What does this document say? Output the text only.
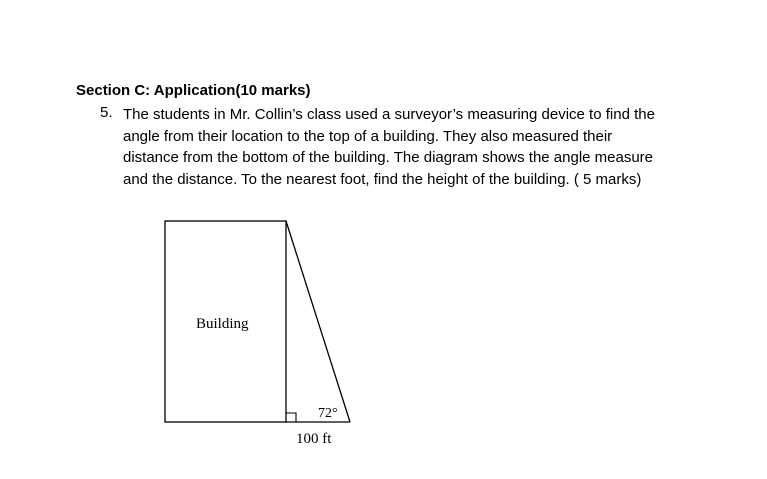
Section C: Application(10 marks)
5. The students in Mr. Collin’s class used a surveyor’s measuring device to find the
angle from their location to the top of a building. They also measured their
distance from the bottom of the building. The diagram shows the angle measure
and the distance. To the nearest foot, find the height of the building. ( 5 marks)
Building
72°
100 ft
